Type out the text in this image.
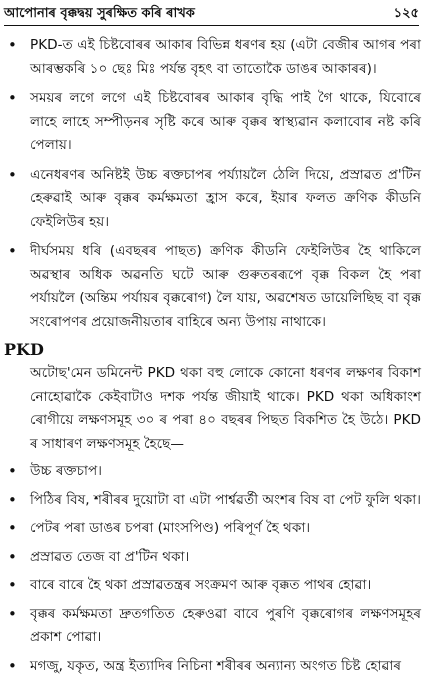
আপোনাৰ বৃক্কদ্বয় সুৰক্ষিত কৰি ৰাখক	১২৫
• PKD-ত এই চিষ্টবোৰৰ আকাৰ বিভিন্ন ধৰণৰ হয় (এটা বেজীৰ আগৰ পৰা আৰম্ভকৰি ১০ ছেঃ মিঃ পৰ্যন্ত বৃহৎ বা তাতোকৈ ডাঙৰ আকাৰৰ)।
• সময়ৰ লগে লগে এই চিষ্টবোৰৰ আকাৰ বৃদ্ধি পাই গৈ থাকে, যিবোৰে লাহে লাহে সম্পীড়নৰ সৃষ্টি কৰে আৰু বৃক্কৰ স্বাস্থ্যৱান কলাবোৰ নষ্ট কৰি পেলায়।
• এনেধৰণৰ অনিষ্টই উচ্চ ৰক্তচাপৰ পৰ্য্যায়লৈ ঠেলি দিয়ে, প্ৰস্ৰাৱত প্ৰ'টিন হেৰুৱাই আৰু বৃক্কৰ কৰ্মক্ষমতা হ্ৰাস কৰে, ইয়াৰ ফলত ক্ৰণিক কীডনি ফেইলিউৰ হয়।
• দীৰ্ঘসময় ধৰি (এবছৰৰ পাছত) ক্ৰণিক কীডনি ফেইলিউৰ হৈ থাকিলে অৱস্থাৰ অধিক অৱনতি ঘটে আৰু গুৰুতৰৰূপে বৃক্ক বিকল হৈ পৰা পৰ্যায়লৈ (অন্তিম পৰ্যায়ৰ বৃক্কৰোগ) লৈ যায়, অৱশেষত ডায়েলিছিছ বা বৃক্ক সংৰোপণৰ প্ৰয়োজনীয়তাৰ বাহিৰে অন্য উপায় নাথাকে।
PKD
অটোছ'মেন ডমিনেন্ট PKD থকা বহু লোকে কোনো ধৰণৰ লক্ষণৰ বিকাশ নোহোৱাকৈ কেইবাটাও দশক পৰ্যন্ত জীয়াই থাকে। PKD থকা অধিকাংশ ৰোগীয়ে লক্ষণসমূহ ৩০ ৰ পৰা ৪০ বছৰৰ পিছত বিকশিত হৈ উঠে। PKD ৰ সাধাৰণ লক্ষণসমূহ হৈছে—
• উচ্চ ৰক্তচাপ।
• পিঠিৰ বিষ, শৰীৰৰ দুয়োটা বা এটা পাৰ্শ্বৱৰ্তী অংশৰ বিষ বা পেট ফুলি থকা।
• পেটৰ পৰা ডাঙৰ চপৰা (মাংসপিণ্ড) পৰিপূৰ্ণ হৈ থকা।
• প্ৰস্ৰাৱত তেজ বা প্ৰ'টিন থকা।
• বাৰে বাৰে হৈ থকা প্ৰস্ৰাৱতন্ত্ৰৰ সংক্ৰমণ আৰু বৃক্কত পাথৰ হোৱা।
• বৃক্কৰ কৰ্মক্ষমতা দ্ৰুতগতিত হেৰুওৱা বাবে পুৰণি বৃক্কৰোগৰ লক্ষণসমূহৰ প্ৰকাশ পোৱা।
• মগজু, যকৃত, অন্ত্ৰ ইত্যাদিৰ নিচিনা শৰীৰৰ অন্যান্য অংগত চিষ্ট হোৱাৰ
